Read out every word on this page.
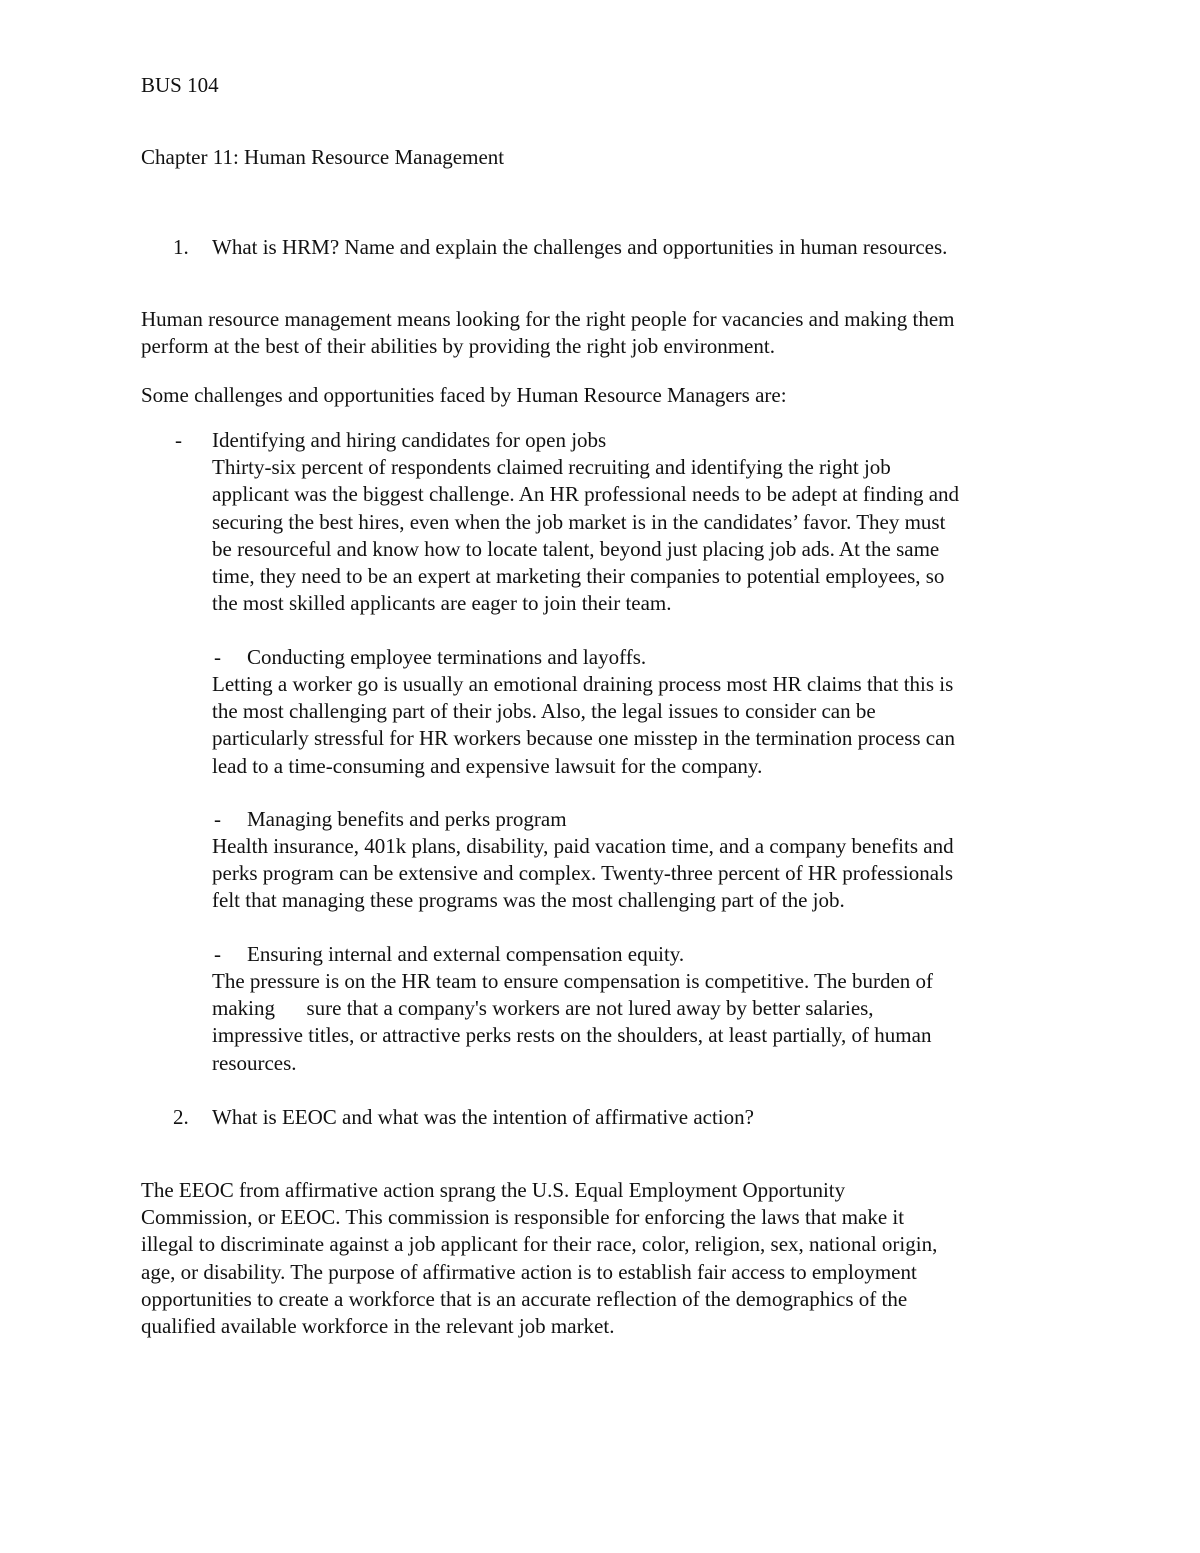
BUS 104
Chapter 11: Human Resource Management
1. What is HRM? Name and explain the challenges and opportunities in human resources.
Human resource management means looking for the right people for vacancies and making them
perform at the best of their abilities by providing the right job environment.
Some challenges and opportunities faced by Human Resource Managers are:
- Identifying and hiring candidates for open jobs
Thirty-six percent of respondents claimed recruiting and identifying the right job
applicant was the biggest challenge. An HR professional needs to be adept at finding and
securing the best hires, even when the job market is in the candidates’ favor. They must
be resourceful and know how to locate talent, beyond just placing job ads. At the same
time, they need to be an expert at marketing their companies to potential employees, so
the most skilled applicants are eager to join their team.
- Conducting employee terminations and layoffs.
Letting a worker go is usually an emotional draining process most HR claims that this is
the most challenging part of their jobs. Also, the legal issues to consider can be
particularly stressful for HR workers because one misstep in the termination process can
lead to a time-consuming and expensive lawsuit for the company.
- Managing benefits and perks program
Health insurance, 401k plans, disability, paid vacation time, and a company benefits and
perks program can be extensive and complex. Twenty-three percent of HR professionals
felt that managing these programs was the most challenging part of the job.
- Ensuring internal and external compensation equity.
The pressure is on the HR team to ensure compensation is competitive. The burden of
making      sure that a company's workers are not lured away by better salaries,
impressive titles, or attractive perks rests on the shoulders, at least partially, of human
resources.
2. What is EEOC and what was the intention of affirmative action?
The EEOC from affirmative action sprang the U.S. Equal Employment Opportunity
Commission, or EEOC. This commission is responsible for enforcing the laws that make it
illegal to discriminate against a job applicant for their race, color, religion, sex, national origin,
age, or disability. The purpose of affirmative action is to establish fair access to employment
opportunities to create a workforce that is an accurate reflection of the demographics of the
qualified available workforce in the relevant job market.
